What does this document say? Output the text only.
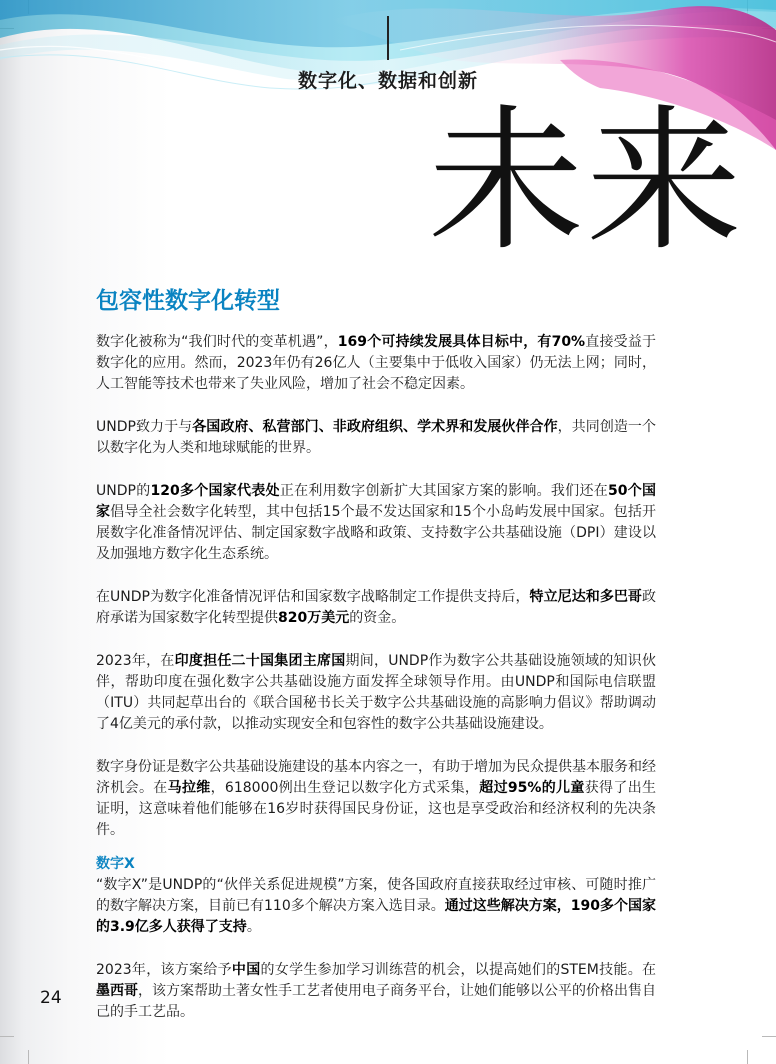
数字化、数据和创新
未来
包容性数字化转型

数字化被称为“我们时代的变革机遇”，169个可持续发展具体目标中，有70%直接受益于数字化的应用。然而，2023年仍有26亿人（主要集中于低收入国家）仍无法上网；同时，人工智能等技术也带来了失业风险，增加了社会不稳定因素。

UNDP致力于与各国政府、私营部门、非政府组织、学术界和发展伙伴合作，共同创造一个以数字化为人类和地球赋能的世界。

UNDP的120多个国家代表处正在利用数字创新扩大其国家方案的影响。我们还在50个国家倡导全社会数字化转型，其中包括15个最不发达国家和15个小岛屿发展中国家。包括开展数字化准备情况评估、制定国家数字战略和政策、支持数字公共基础设施（DPI）建设以及加强地方数字化生态系统。

在UNDP为数字化准备情况评估和国家数字战略制定工作提供支持后，特立尼达和多巴哥政府承诺为国家数字化转型提供820万美元的资金。

2023年，在印度担任二十国集团主席国期间，UNDP作为数字公共基础设施领域的知识伙伴，帮助印度在强化数字公共基础设施方面发挥全球领导作用。由UNDP和国际电信联盟（ITU）共同起草出台的《联合国秘书长关于数字公共基础设施的高影响力倡议》帮助调动了4亿美元的承付款，以推动实现安全和包容性的数字公共基础设施建设。

数字身份证是数字公共基础设施建设的基本内容之一，有助于增加为民众提供基本服务和经济机会。在马拉维，618000例出生登记以数字化方式采集，超过95%的儿童获得了出生证明，这意味着他们能够在16岁时获得国民身份证，这也是享受政治和经济权利的先决条件。

数字X

“数字X”是UNDP的“伙伴关系促进规模”方案，使各国政府直接获取经过审核、可随时推广的数字解决方案，目前已有110多个解决方案入选目录。通过这些解决方案，190多个国家的3.9亿多人获得了支持。

2023年，该方案给予中国的女学生参加学习训练营的机会，以提高她们的STEM技能。在墨西哥，该方案帮助土著女性手工艺者使用电子商务平台，让她们能够以公平的价格出售自己的手工艺品。

24
